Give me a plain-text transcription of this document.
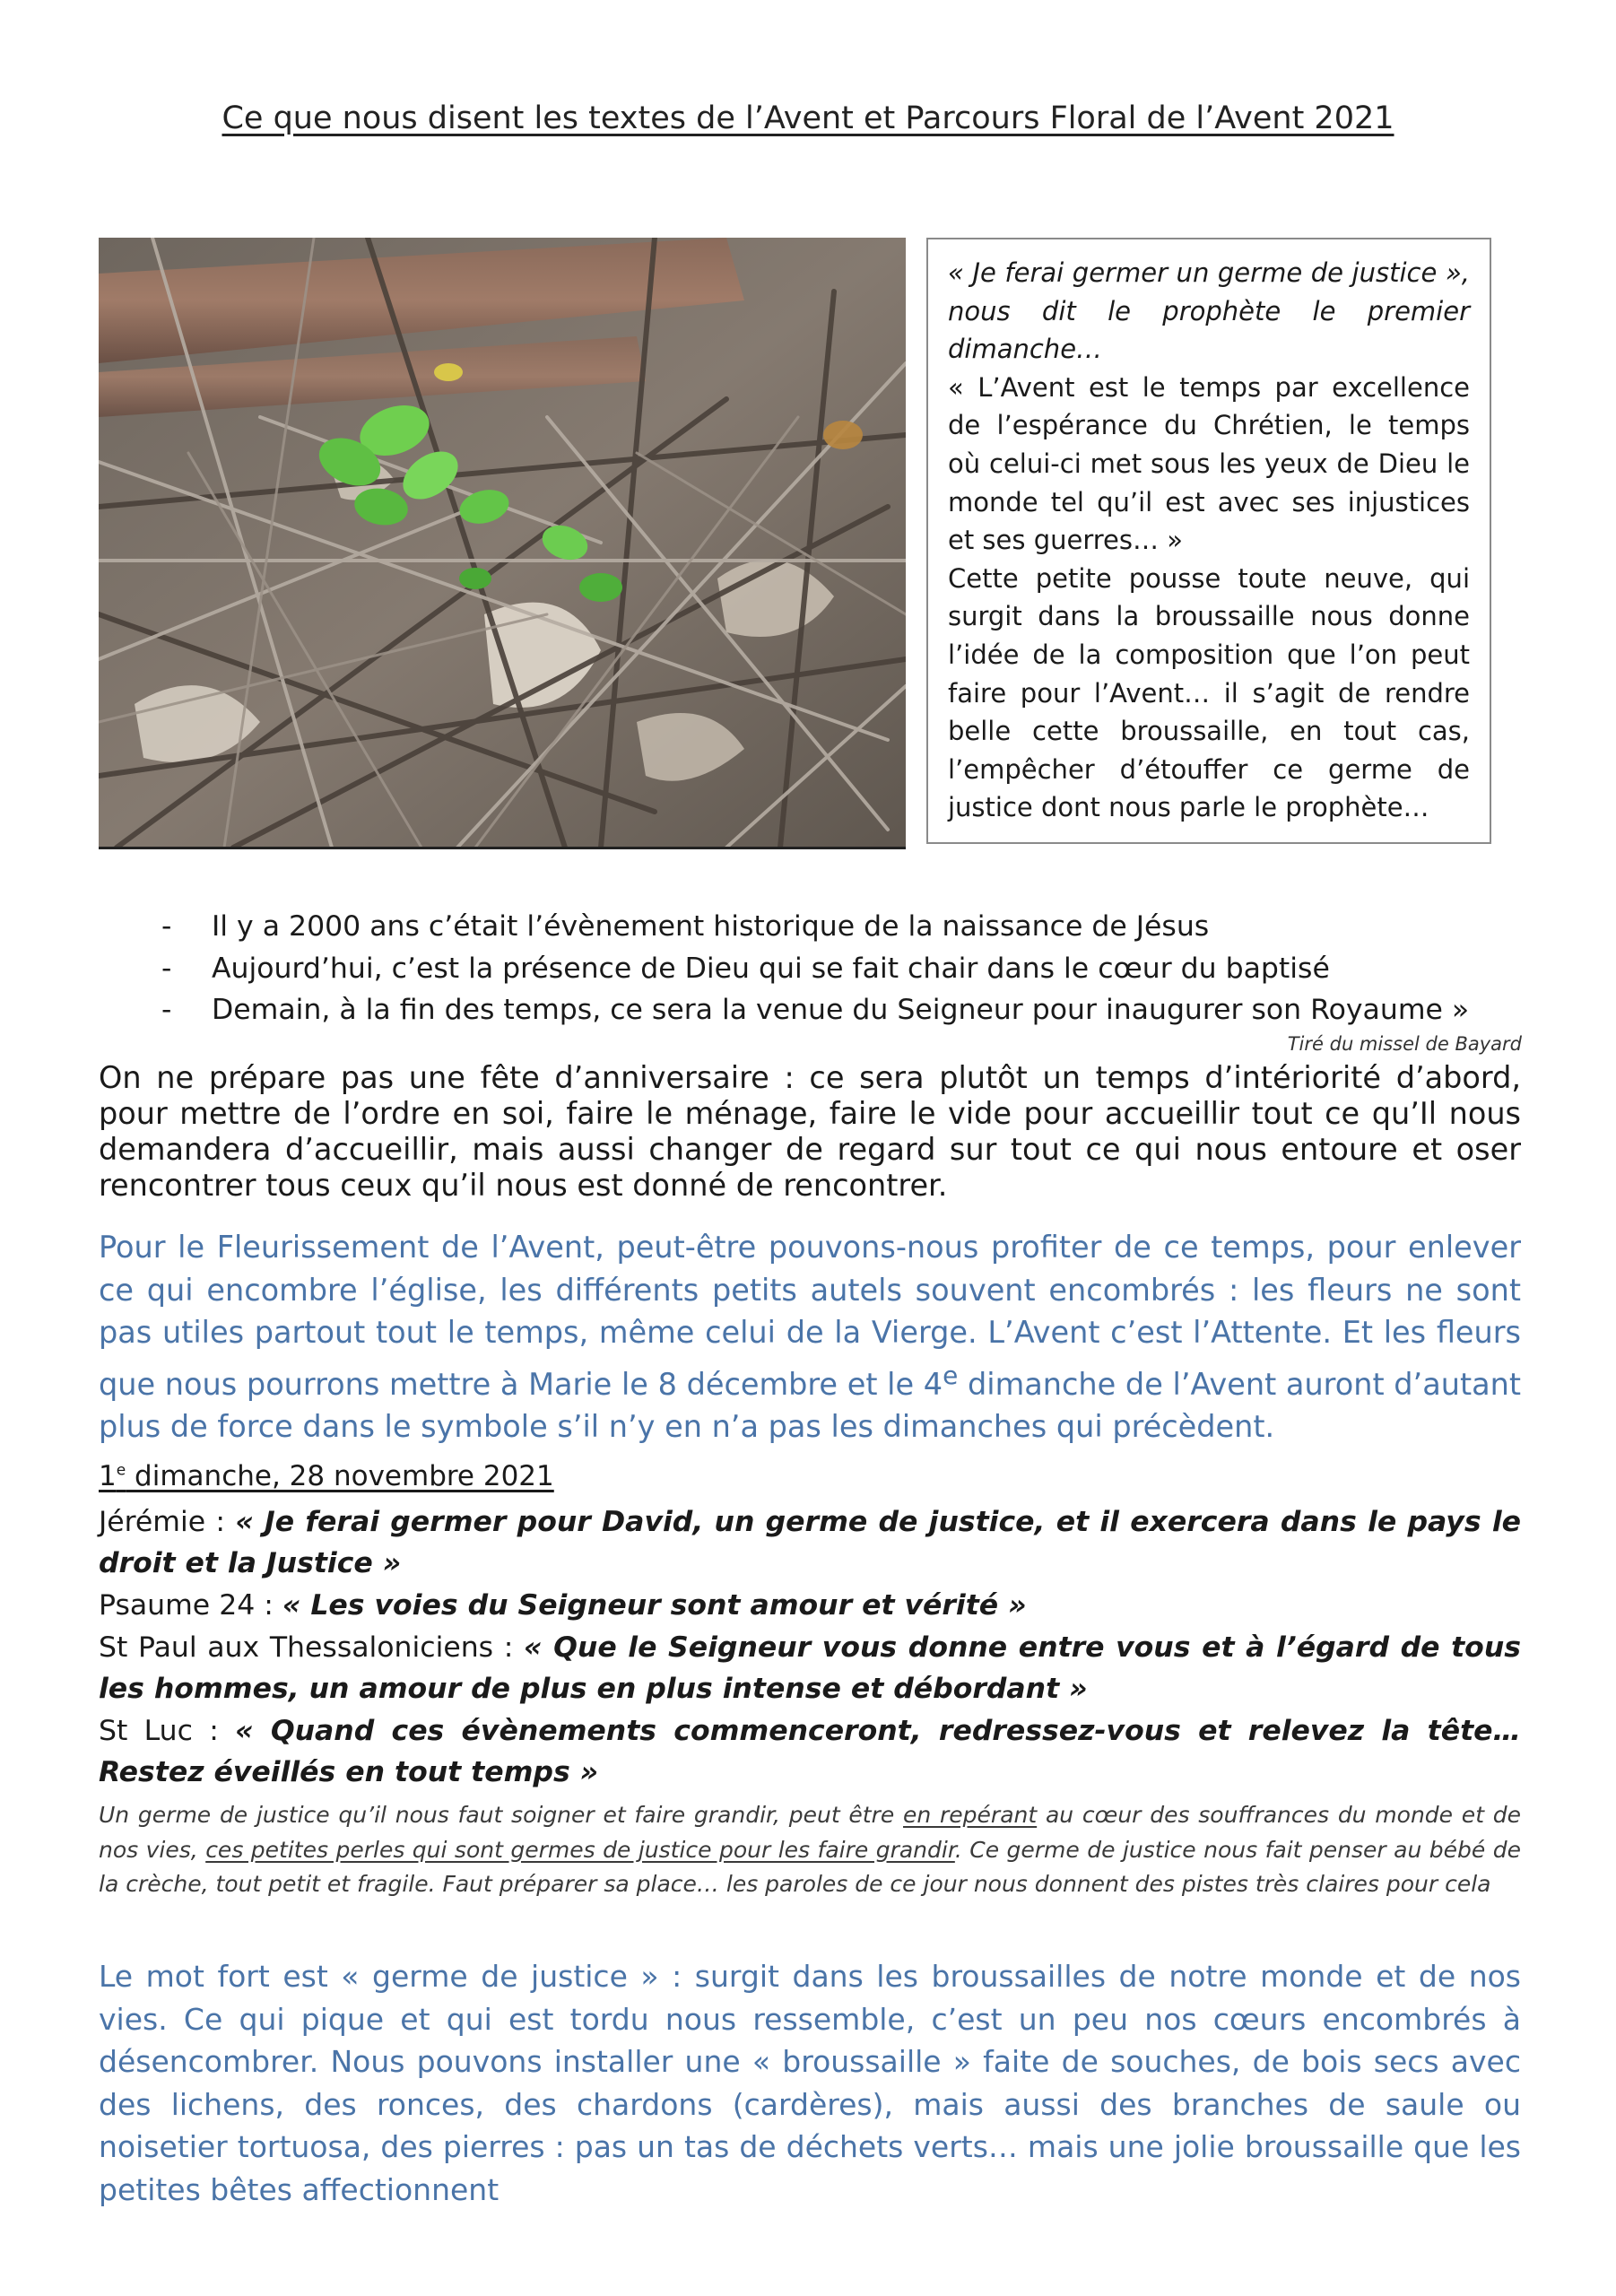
Ce que nous disent les textes de l’Avent et Parcours Floral de l’Avent 2021

« Je ferai germer un germe de justice », nous dit le prophète le premier dimanche…

« L’Avent est le temps par excellence de l’espérance du Chrétien, le temps où celui-ci met sous les yeux de Dieu le monde tel qu’il est avec ses injustices et ses guerres… »

Cette petite pousse toute neuve, qui surgit dans la broussaille nous donne l’idée de la composition que l’on peut faire pour l’Avent… il s’agit de rendre belle cette broussaille, en tout cas, l’empêcher d’étouffer ce germe de justice dont nous parle le prophète…

-	Il y a 2000 ans c’était l’évènement historique de la naissance de Jésus
-	Aujourd’hui, c’est la présence de Dieu qui se fait chair dans le cœur du baptisé
-	Demain, à la fin des temps, ce sera la venue du Seigneur pour inaugurer son Royaume »
Tiré du missel de Bayard
On ne prépare pas une fête d’anniversaire : ce sera plutôt un temps d’intériorité d’abord, pour mettre de l’ordre en soi, faire le ménage, faire le vide pour accueillir tout ce qu’Il nous demandera d’accueillir, mais aussi changer de regard sur tout ce qui nous entoure et oser rencontrer tous ceux qu’il nous est donné de rencontrer.
Pour le Fleurissement de l’Avent, peut-être pouvons-nous profiter de ce temps, pour enlever ce qui encombre l’église, les différents petits autels souvent encombrés : les fleurs ne sont pas utiles partout tout le temps, même celui de la Vierge. L’Avent c’est l’Attente. Et les fleurs que nous pourrons mettre à Marie le 8 décembre et le 4e dimanche de l’Avent auront d’autant plus de force dans le symbole s’il n’y en n’a pas les dimanches qui précèdent.
1e dimanche, 28 novembre 2021
Jérémie : « Je ferai germer pour David, un germe de justice, et il exercera dans le pays le droit et la Justice »
Psaume 24 : « Les voies du Seigneur sont amour et vérité »
St Paul aux Thessaloniciens : « Que le Seigneur vous donne entre vous et à l’égard de tous les hommes, un amour de plus en plus intense et débordant »
St Luc : « Quand ces évènements commenceront, redressez-vous et relevez la tête… Restez éveillés en tout temps »
Un germe de justice qu’il nous faut soigner et faire grandir, peut être en repérant au cœur des souffrances du monde et de nos vies, ces petites perles qui sont germes de justice pour les faire grandir. Ce germe de justice nous fait penser au bébé de la crèche, tout petit et fragile. Faut préparer sa place… les paroles de ce jour nous donnent des pistes très claires pour cela
Le mot fort est « germe de justice » : surgit dans les broussailles de notre monde et de nos vies. Ce qui pique et qui est tordu nous ressemble, c’est un peu nos cœurs encombrés à désencombrer. Nous pouvons installer une « broussaille » faite de souches, de bois secs avec des lichens, des ronces, des chardons (cardères), mais aussi des branches de saule ou noisetier tortuosa, des pierres : pas un tas de déchets verts… mais une jolie broussaille que les petites bêtes affectionnent
